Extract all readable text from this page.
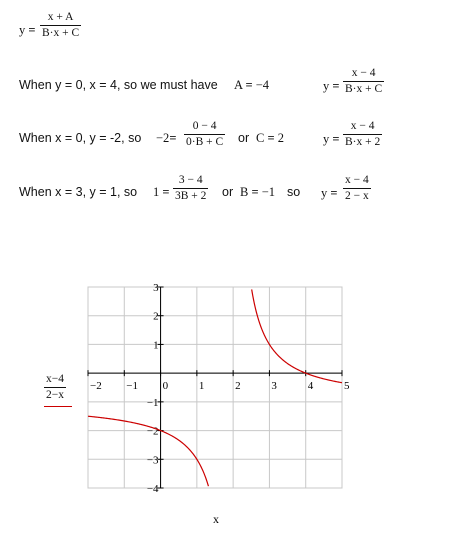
$y = \frac{x + A}{B\cdot x + C}$
When y = 0, x = 4, so we must have A = −4	$y = \frac{x - 4}{B\cdot x + C}$
When x = 0, y = -2, so $-2= \frac{0 - 4}{0\cdot B + C}$ or C = 2	$y = \frac{x - 4}{B\cdot x + 2}$
When x = 3, y = 1, so $1 = \frac{3 - 4}{3B + 2}$ or B = −1 so $y = \frac{x - 4}{2 - x}$
−2 −1 0	1	2	3	4	5
3
2
1
−1
−2
−3
−4
x
$\frac{x-4}{2-x}$
